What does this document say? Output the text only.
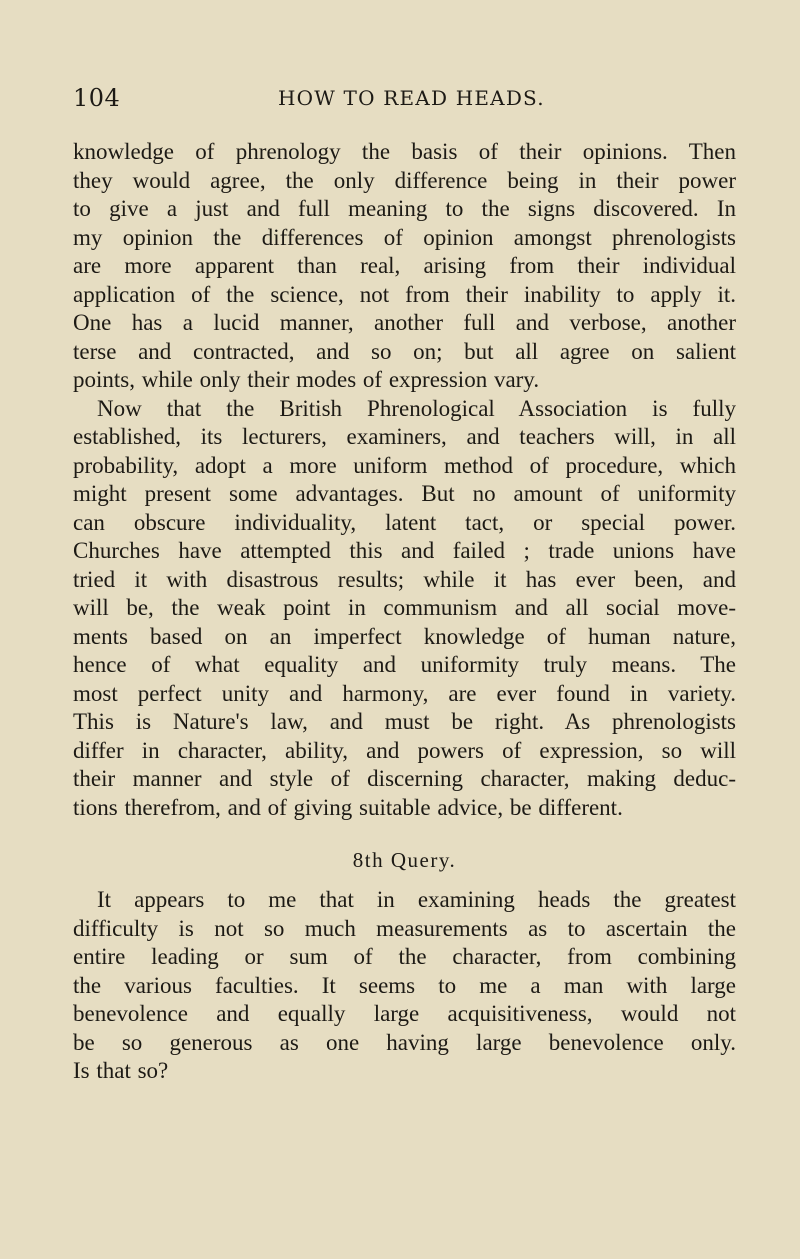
104	HOW TO READ HEADS.
knowledge of phrenology the basis of their opinions. Then
they would agree, the only difference being in their power
to give a just and full meaning to the signs discovered. In
my opinion the differences of opinion amongst phrenologists
are more apparent than real, arising from their individual
application of the science, not from their inability to apply it.
One has a lucid manner, another full and verbose, another
terse and contracted, and so on; but all agree on salient
points, while only their modes of expression vary.
Now that the British Phrenological Association is fully
established, its lecturers, examiners, and teachers will, in all
probability, adopt a more uniform method of procedure, which
might present some advantages. But no amount of uniformity
can obscure individuality, latent tact, or special power.
Churches have attempted this and failed ; trade unions have
tried it with disastrous results; while it has ever been, and
will be, the weak point in communism and all social move-
ments based on an imperfect knowledge of human nature,
hence of what equality and uniformity truly means. The
most perfect unity and harmony, are ever found in variety.
This is Nature's law, and must be right. As phrenologists
differ in character, ability, and powers of expression, so will
their manner and style of discerning character, making deduc-
tions therefrom, and of giving suitable advice, be different.
8th Query.
It appears to me that in examining heads the greatest
difficulty is not so much measurements as to ascertain the
entire leading or sum of the character, from combining
the various faculties. It seems to me a man with large
benevolence and equally large acquisitiveness, would not
be so generous as one having large benevolence only.
Is that so?
